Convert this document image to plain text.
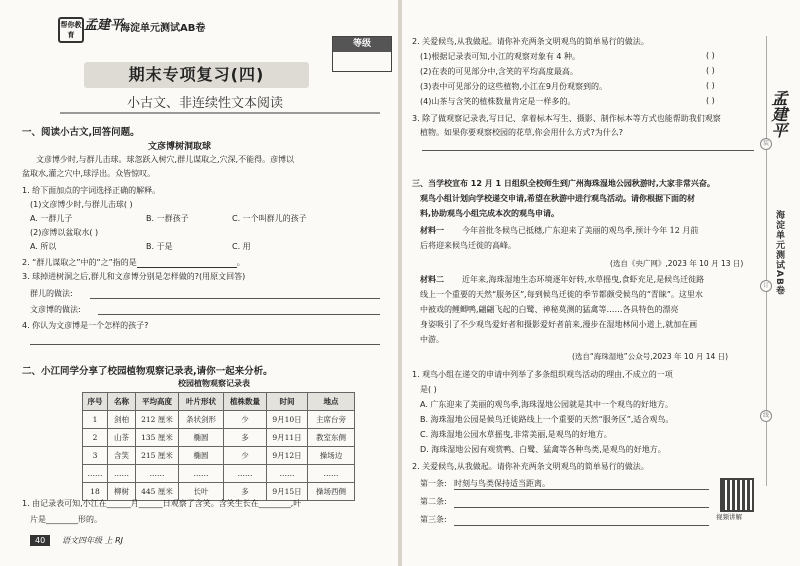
帮你教育
孟建平
海淀单元测试AB卷
等级
期末专项复习(四)
小古文、非连续性文本阅读
一、阅读小古文,回答问题。
文彦博树洞取球
文彦博少时,与群儿击球。球忽跃入树穴,群儿谋取之,穴深,不能得。彦博以
盆取水,灌之穴中,球浮出。众皆惊叹。
1. 给下面加点的字词选择正确的解释。
(1)文彦博少时,与群儿击球( )
A. 一群儿子	B. 一群孩子	C. 一个叫群儿的孩子
(2)彦博以盆取水( )
A. 所以	B. 于是	C. 用
2. “群儿谋取之”中的“之”指的是	。
3. 球掉进树洞之后,群儿和文彦博分别是怎样做的?(用原文回答)
群儿的做法:
文彦博的做法:
4. 你认为文彦博是一个怎样的孩子?
二、小江同学分享了校园植物观察记录表,请你一起来分析。
校园植物观察记录表
序号	名称	平均高度	叶片形状	植株数量	时间	地点
1	剑柏	212 厘米	条状剑形	少	9月10日	主席台旁
2	山茶	135 厘米	椭圆	多	9月11日	教室东侧
3	含笑	215 厘米	椭圆	少	9月12日	操场边
……	……	……	……	……	……	……
18	柳树	445 厘米	长叶	多	9月15日	操场西侧
1. 由记录表可知,小江在______月______日观察了含笑。含笑生长在________,叶
片是________形的。
40	语文四年级 上 RJ
2. 关爱候鸟,从我做起。请你补充两条文明观鸟的简单易行的做法。
(1)根据记录表可知,小江的观察对象有 4 种。	( )
(2)在表的可见部分中,含笑的平均高度最高。	( )
(3)表中可见部分的这些植物,小江在9月份观察到的。	( )
(4)山茶与含笑的植株数量肯定是一样多的。	( )
3. 除了做观察记录表,写日记、拿着标本写生、摄影、制作标本等方式也能帮助我们观察
植物。如果你要观察校园的花草,你会用什么方式?为什么?
三、当学校宣布 12 月 1 日组织全校师生到广州海珠湿地公园秋游时,大家非常兴奋。
观鸟小组计划向学校递交申请,希望在秋游中进行观鸟活动。请你根据下面的材
料,协助观鸟小组完成本次的观鸟申请。
材料一 今年首批冬候鸟已抵穗,广东迎来了美丽的观鸟季,预计今年 12 月前
后将迎来候鸟迁徙的高峰。
(选自《央广网》,2023 年 10 月 13 日)
材料二 近年来,海珠湿地生态环境逐年好转,水草摇曳,食虾充足,是候鸟迁徙路
线上一个重要的天然“服务区”,每到候鸟迁徙的季节都颇受候鸟的“青睐”。这里水
中被戏的鲤鲫鸭,翩翩飞起的白鹭、神秘莫测的猛禽等……各具特色的漂亮
身姿吸引了不少观鸟爱好者和摄影爱好者前来,漫步在湿地林间小道上,就加在画
中游。
(选自“海珠湿地”公众号,2023 年 10 月 14 日)
1. 观鸟小组在递交的申请中列举了多条组织观鸟活动的理由,不成立的一项
是( )
A. 广东迎来了美丽的观鸟季,海珠湿地公园就是其中一个观鸟的好地方。
B. 海珠湿地公园是候鸟迁徙路线上一个重要的天然“服务区”,适合观鸟。
C. 海珠湿地公园水草摇曳,非常美丽,是观鸟的好地方。
D. 海珠湿地公园有观赏鸭、白鹭、猛禽等各种鸟类,是观鸟的好地方。
2. 关爱候鸟,从我做起。请你补充两条文明观鸟的简单易行的做法。
第一条: 时刻与鸟类保持适当距离。
第二条:
第三条:
孟建平
海淀单元测试AB卷
装
订
线
视频讲解
